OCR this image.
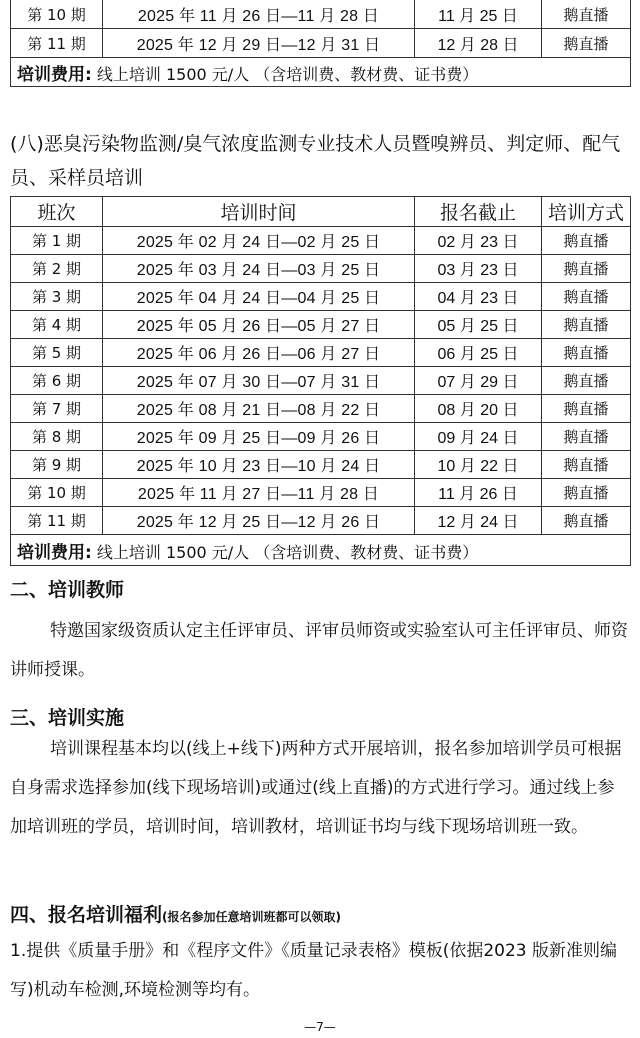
第 10 期	2025 年 11 月 26 日—11 月 28 日	11 月 25 日	鹅直播
第 11 期	2025 年 12 月 29 日—12 月 31 日	12 月 28 日	鹅直播
培训费用: 线上培训 1500 元/人 （含培训费、教材费、证书费）			

(八)恶臭污染物监测/臭气浓度监测专业技术人员暨嗅辨员、判定师、配气员、采样员培训

班次	培训时间	报名截止	培训方式
第 1 期	2025 年 02 月 24 日—02 月 25 日	02 月 23 日	鹅直播
第 2 期	2025 年 03 月 24 日—03 月 25 日	03 月 23 日	鹅直播
第 3 期	2025 年 04 月 24 日—04 月 25 日	04 月 23 日	鹅直播
第 4 期	2025 年 05 月 26 日—05 月 27 日	05 月 25 日	鹅直播
第 5 期	2025 年 06 月 26 日—06 月 27 日	06 月 25 日	鹅直播
第 6 期	2025 年 07 月 30 日—07 月 31 日	07 月 29 日	鹅直播
第 7 期	2025 年 08 月 21 日—08 月 22 日	08 月 20 日	鹅直播
第 8 期	2025 年 09 月 25 日—09 月 26 日	09 月 24 日	鹅直播
第 9 期	2025 年 10 月 23 日—10 月 24 日	10 月 22 日	鹅直播
第 10 期	2025 年 11 月 27 日—11 月 28 日	11 月 26 日	鹅直播
第 11 期	2025 年 12 月 25 日—12 月 26 日	12 月 24 日	鹅直播
培训费用: 线上培训 1500 元/人 （含培训费、教材费、证书费）			

二、培训教师

特邀国家级资质认定主任评审员、评审员师资或实验室认可主任评审员、师资讲师授课。

三、培训实施

培训课程基本均以(线上+线下)两种方式开展培训，报名参加培训学员可根据自身需求选择参加(线下现场培训)或通过(线上直播)的方式进行学习。通过线上参加培训班的学员，培训时间，培训教材，培训证书均与线下现场培训班一致。

四、报名培训福利(报名参加任意培训班都可以领取)

1.提供《质量手册》和《程序文件》《质量记录表格》模板(依据2023 版新准则编写)机动车检测,环境检测等均有。

—7—
